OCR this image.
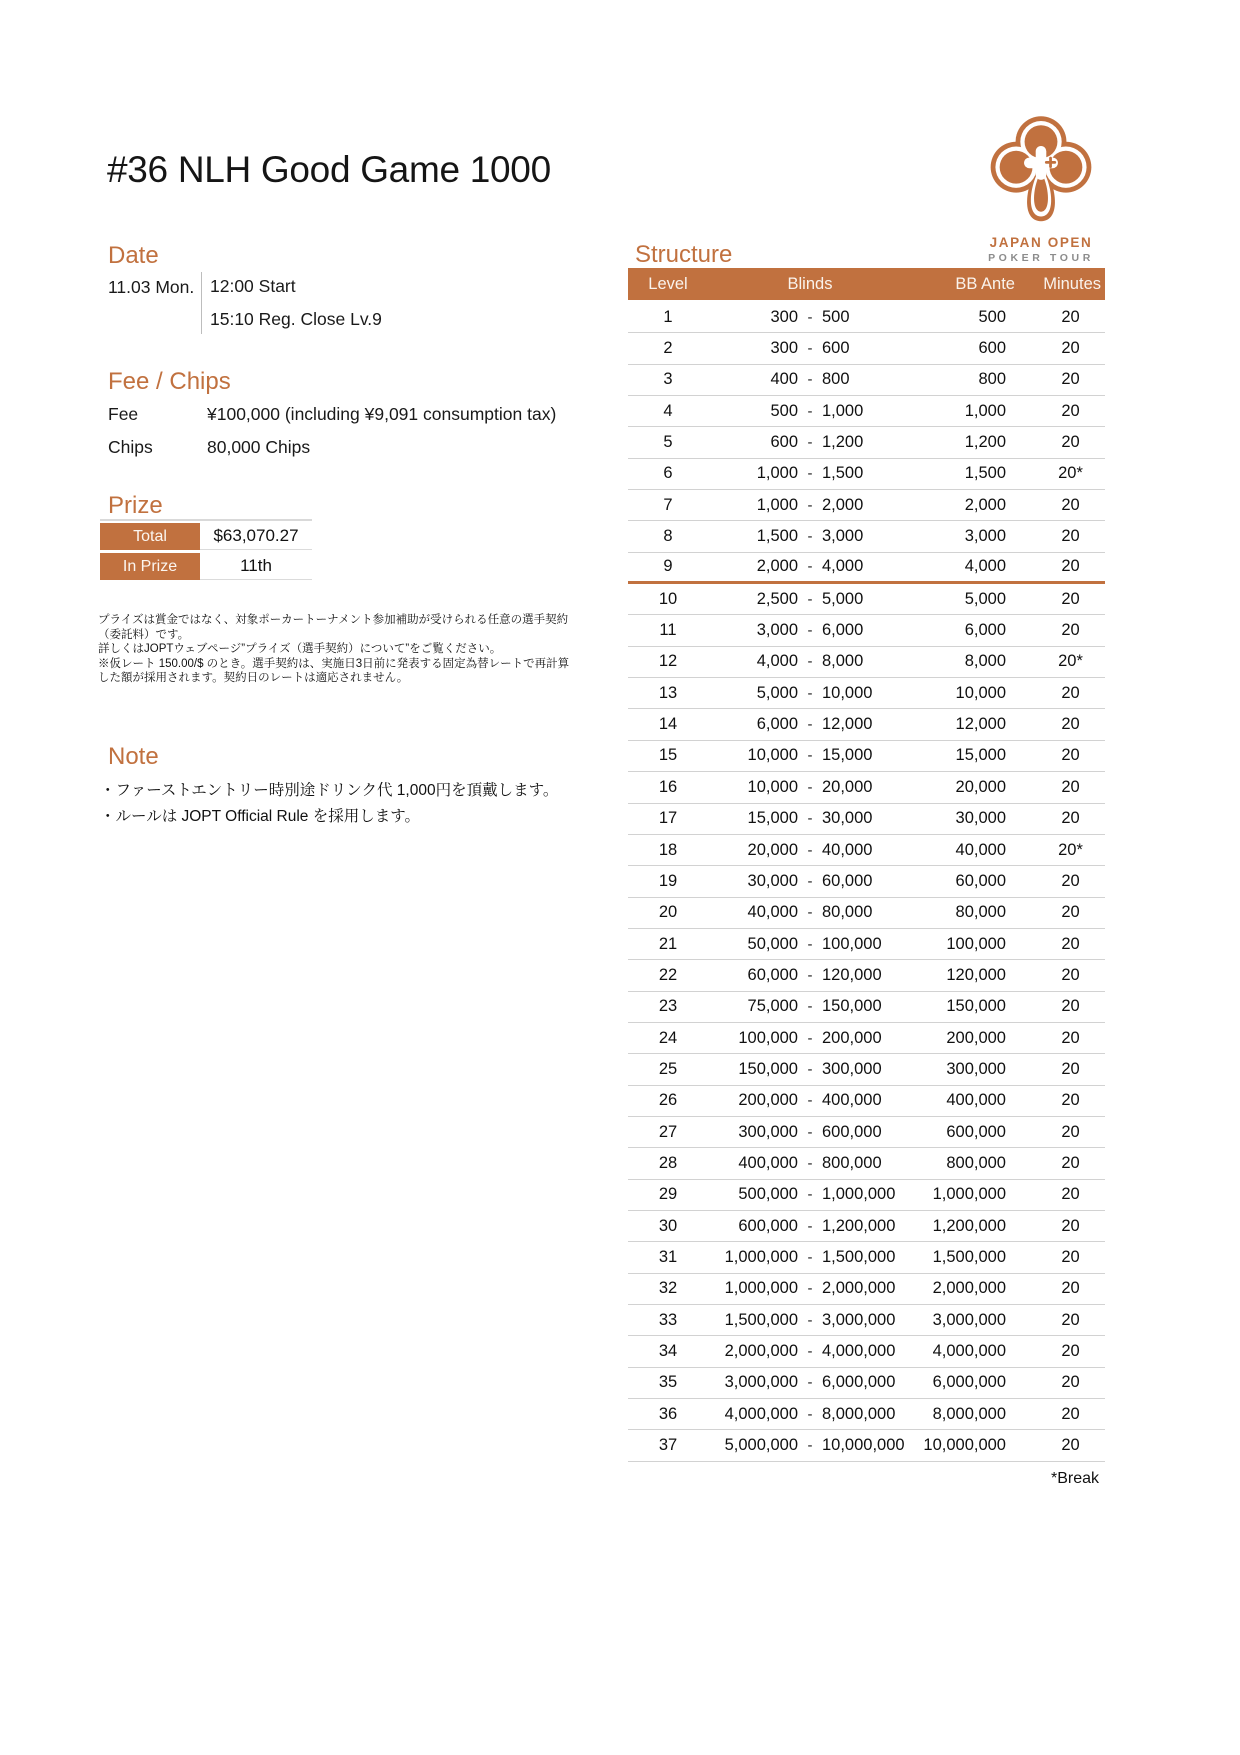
#36 NLH Good Game 1000
JAPAN OPEN
POKER TOUR
Date
11.03 Mon. 12:00 Start
15:10 Reg. Close Lv.9
Fee / Chips
Fee	¥100,000 (including ¥9,091 consumption tax)
Chips	80,000 Chips
Prize
Total	$63,070.27
In Prize	11th

プライズは賞金ではなく、対象ポーカートーナメント参加補助が受けられる任意の選手契約（委託料）です。

詳しくはJOPTウェブページ”プライズ（選手契約）について”をご覧ください。

※仮レート 150.00/$ のとき。選手契約は、実施日3日前に発表する固定為替レートで再計算した額が採用されます。契約日のレートは適応されません。

Note
・ファーストエントリー時別途ドリンク代 1,000円を頂戴します。
・ルールは JOPT Official Rule を採用します。
Structure
Level	Blinds	BB Ante	Minutes
1	300 - 500	500	20
2	300 - 600	600	20
3	400 - 800	800	20
4	500 - 1,000	1,000	20
5	600 - 1,200	1,200	20
6	1,000 - 1,500	1,500	20*
7	1,000 - 2,000	2,000	20
8	1,500 - 3,000	3,000	20
9	2,000 - 4,000	4,000	20
10	2,500 - 5,000	5,000	20
11	3,000 - 6,000	6,000	20
12	4,000 - 8,000	8,000	20*
13	5,000 - 10,000	10,000	20
14	6,000 - 12,000	12,000	20
15	10,000 - 15,000	15,000	20
16	10,000 - 20,000	20,000	20
17	15,000 - 30,000	30,000	20
18	20,000 - 40,000	40,000	20*
19	30,000 - 60,000	60,000	20
20	40,000 - 80,000	80,000	20
21	50,000 - 100,000	100,000	20
22	60,000 - 120,000	120,000	20
23	75,000 - 150,000	150,000	20
24	100,000 - 200,000	200,000	20
25	150,000 - 300,000	300,000	20
26	200,000 - 400,000	400,000	20
27	300,000 - 600,000	600,000	20
28	400,000 - 800,000	800,000	20
29	500,000 - 1,000,000	1,000,000	20
30	600,000 - 1,200,000	1,200,000	20
31	1,000,000 - 1,500,000	1,500,000	20
32	1,000,000 - 2,000,000	2,000,000	20
33	1,500,000 - 3,000,000	3,000,000	20
34	2,000,000 - 4,000,000	4,000,000	20
35	3,000,000 - 6,000,000	6,000,000	20
36	4,000,000 - 8,000,000	8,000,000	20
37	5,000,000 - 10,000,000	10,000,000	20
*Break
